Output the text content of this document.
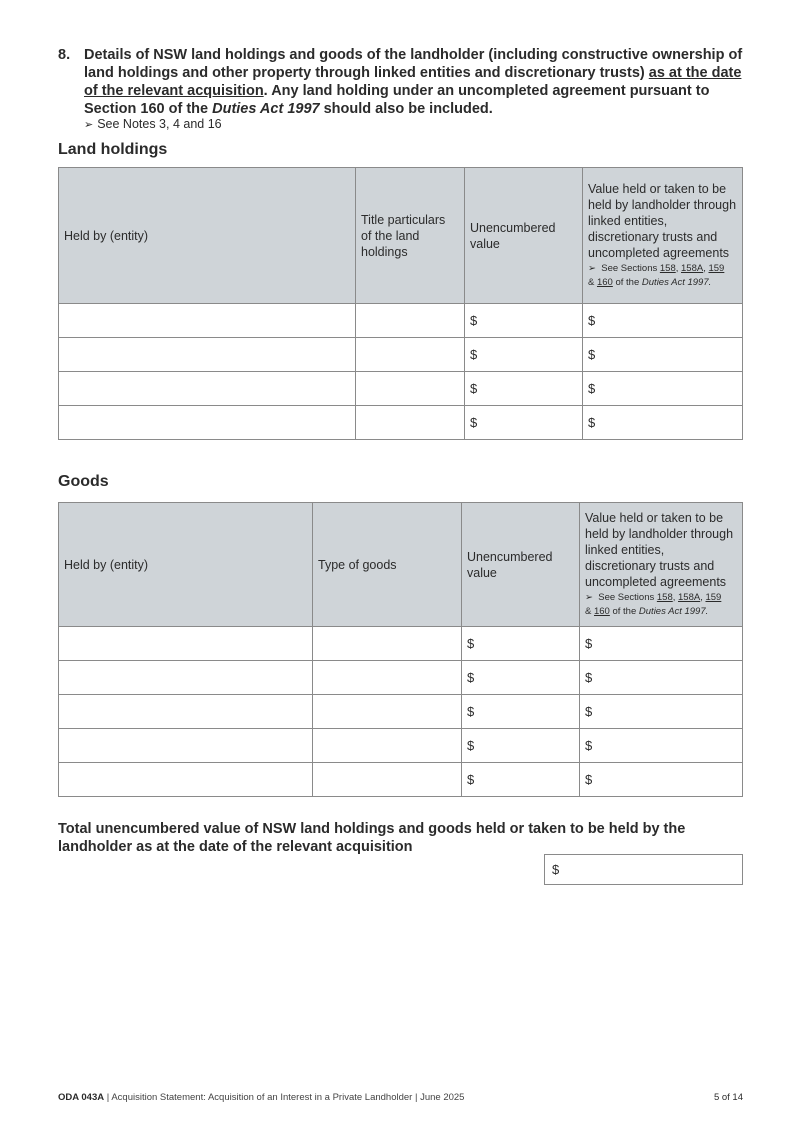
8. Details of NSW land holdings and goods of the landholder (including constructive ownership of land holdings and other property through linked entities and discretionary trusts) as at the date of the relevant acquisition. Any land holding under an uncompleted agreement pursuant to Section 160 of the Duties Act 1997 should also be included.
➢ See Notes 3, 4 and 16
Land holdings
Held by (entity)	Title particulars of the land holdings	Unencumbered value	Value held or taken to be held by landholder through linked entities, discretionary trusts and uncompleted agreements
➢ See Sections 158, 158A, 159
& 160 of the Duties Act 1997.

		$	$
		$	$
		$	$
		$	$
Goods
Held by (entity)	Type of goods	Unencumbered value	Value held or taken to be held by landholder through linked entities, discretionary trusts and uncompleted agreements
➢ See Sections 158, 158A, 159
& 160 of the Duties Act 1997.

		$	$
		$	$
		$	$
		$	$
		$	$
Total unencumbered value of NSW land holdings and goods held or taken to be held by the landholder as at the date of the relevant acquisition
$
ODA 043A | Acquisition Statement: Acquisition of an Interest in a Private Landholder | June 2025	5 of 14
